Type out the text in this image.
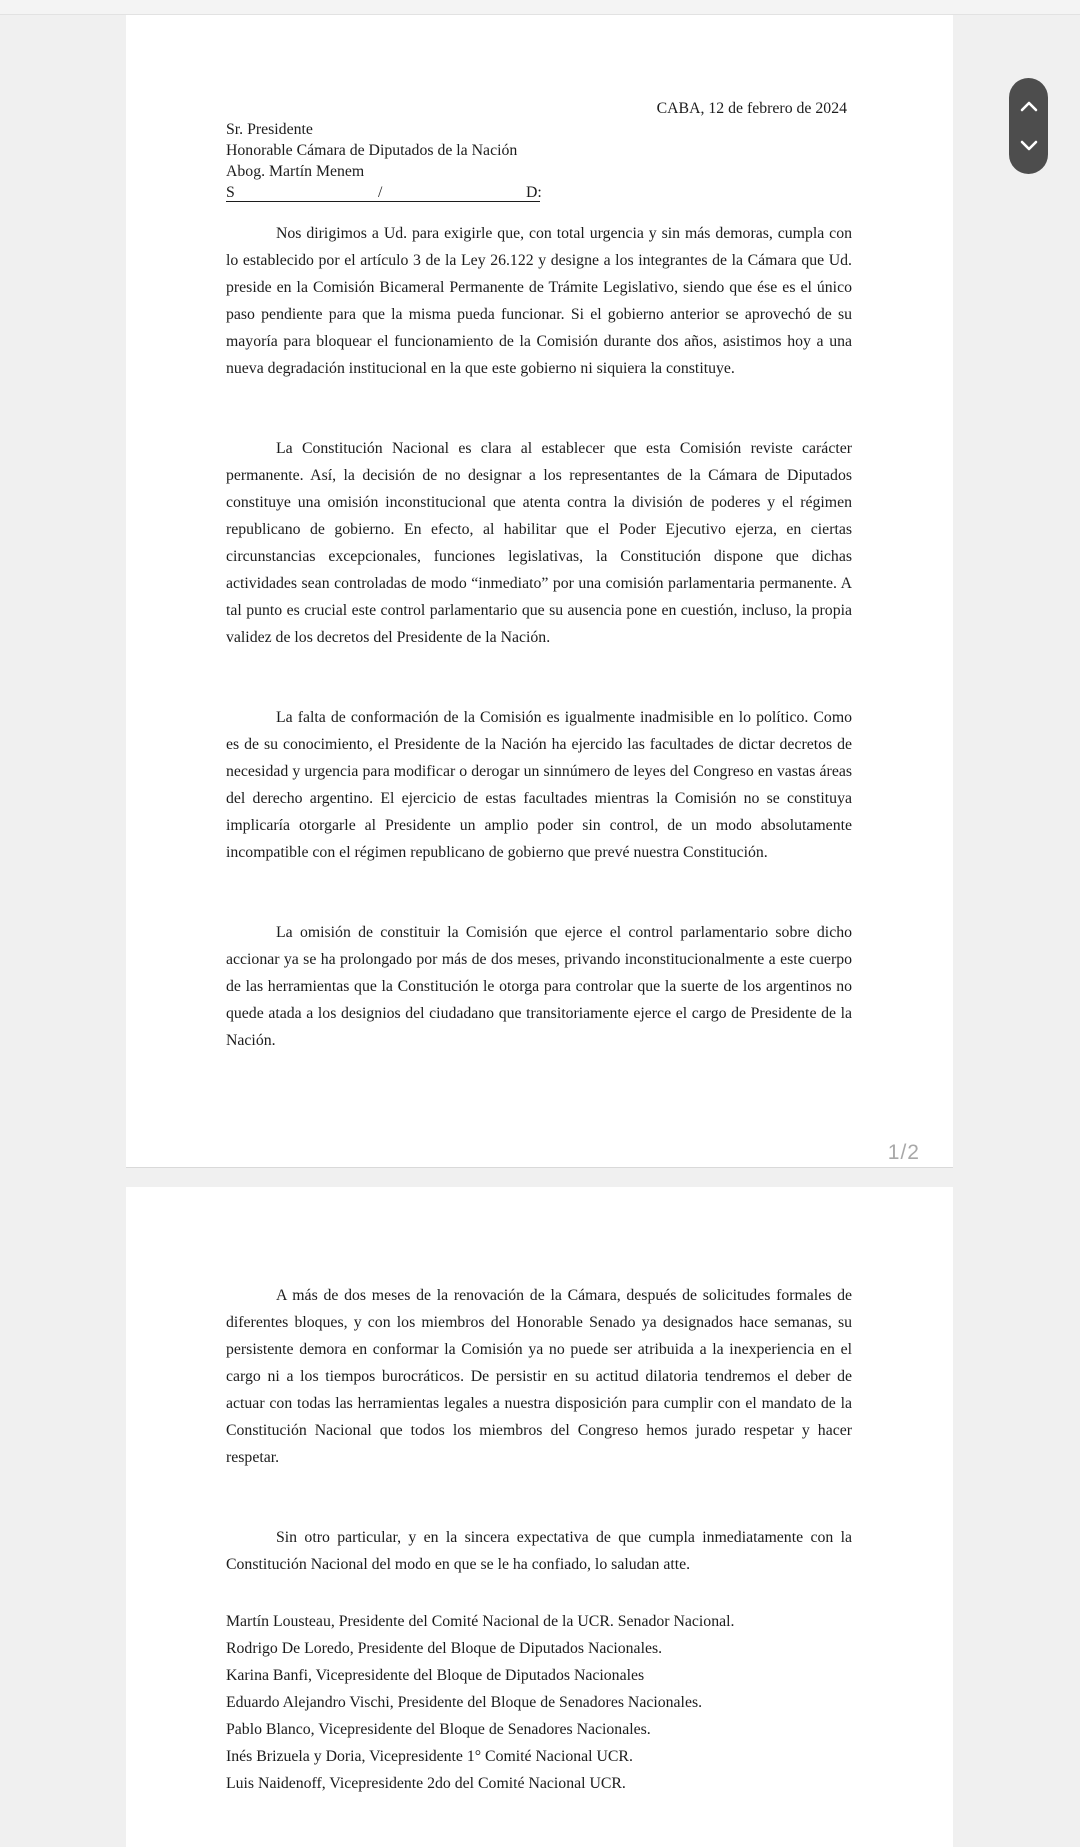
CABA, 12 de febrero de 2024
Sr. Presidente
Honorable Cámara de Diputados de la Nación
Abog. Martín Menem
S	/	D:

Nos dirigimos a Ud. para exigirle que, con total urgencia y sin más demoras, cumpla con lo establecido por el artículo 3 de la Ley 26.122 y designe a los integrantes de la Cámara que Ud. preside en la Comisión Bicameral Permanente de Trámite Legislativo, siendo que ése es el único paso pendiente para que la misma pueda funcionar. Si el gobierno anterior se aprovechó de su mayoría para bloquear el funcionamiento de la Comisión durante dos años, asistimos hoy a una nueva degradación institucional en la que este gobierno ni siquiera la constituye.

La Constitución Nacional es clara al establecer que esta Comisión reviste carácter permanente. Así, la decisión de no designar a los representantes de la Cámara de Diputados constituye una omisión inconstitucional que atenta contra la división de poderes y el régimen republicano de gobierno. En efecto, al habilitar que el Poder Ejecutivo ejerza, en ciertas circunstancias excepcionales, funciones legislativas, la Constitución dispone que dichas actividades sean controladas de modo “inmediato” por una comisión parlamentaria permanente. A tal punto es crucial este control parlamentario que su ausencia pone en cuestión, incluso, la propia validez de los decretos del Presidente de la Nación.

La falta de conformación de la Comisión es igualmente inadmisible en lo político. Como es de su conocimiento, el Presidente de la Nación ha ejercido las facultades de dictar decretos de necesidad y urgencia para modificar o derogar un sinnúmero de leyes del Congreso en vastas áreas del derecho argentino. El ejercicio de estas facultades mientras la Comisión no se constituya implicaría otorgarle al Presidente un amplio poder sin control, de un modo absolutamente incompatible con el régimen republicano de gobierno que prevé nuestra Constitución.

La omisión de constituir la Comisión que ejerce el control parlamentario sobre dicho accionar ya se ha prolongado por más de dos meses, privando inconstitucionalmente a este cuerpo de las herramientas que la Constitución le otorga para controlar que la suerte de los argentinos no quede atada a los designios del ciudadano que transitoriamente ejerce el cargo de Presidente de la Nación.

1/2

A más de dos meses de la renovación de la Cámara, después de solicitudes formales de diferentes bloques, y con los miembros del Honorable Senado ya designados hace semanas, su persistente demora en conformar la Comisión ya no puede ser atribuida a la inexperiencia en el cargo ni a los tiempos burocráticos. De persistir en su actitud dilatoria tendremos el deber de actuar con todas las herramientas legales a nuestra disposición para cumplir con el mandato de la Constitución Nacional que todos los miembros del Congreso hemos jurado respetar y hacer respetar.

Sin otro particular, y en la sincera expectativa de que cumpla inmediatamente con la Constitución Nacional del modo en que se le ha confiado, lo saludan atte.

Martín Lousteau, Presidente del Comité Nacional de la UCR. Senador Nacional.
Rodrigo De Loredo, Presidente del Bloque de Diputados Nacionales.
Karina Banfi, Vicepresidente del Bloque de Diputados Nacionales
Eduardo Alejandro Vischi, Presidente del Bloque de Senadores Nacionales.
Pablo Blanco, Vicepresidente del Bloque de Senadores Nacionales.
Inés Brizuela y Doria, Vicepresidente 1° Comité Nacional UCR.
Luis Naidenoff, Vicepresidente 2do del Comité Nacional UCR.
